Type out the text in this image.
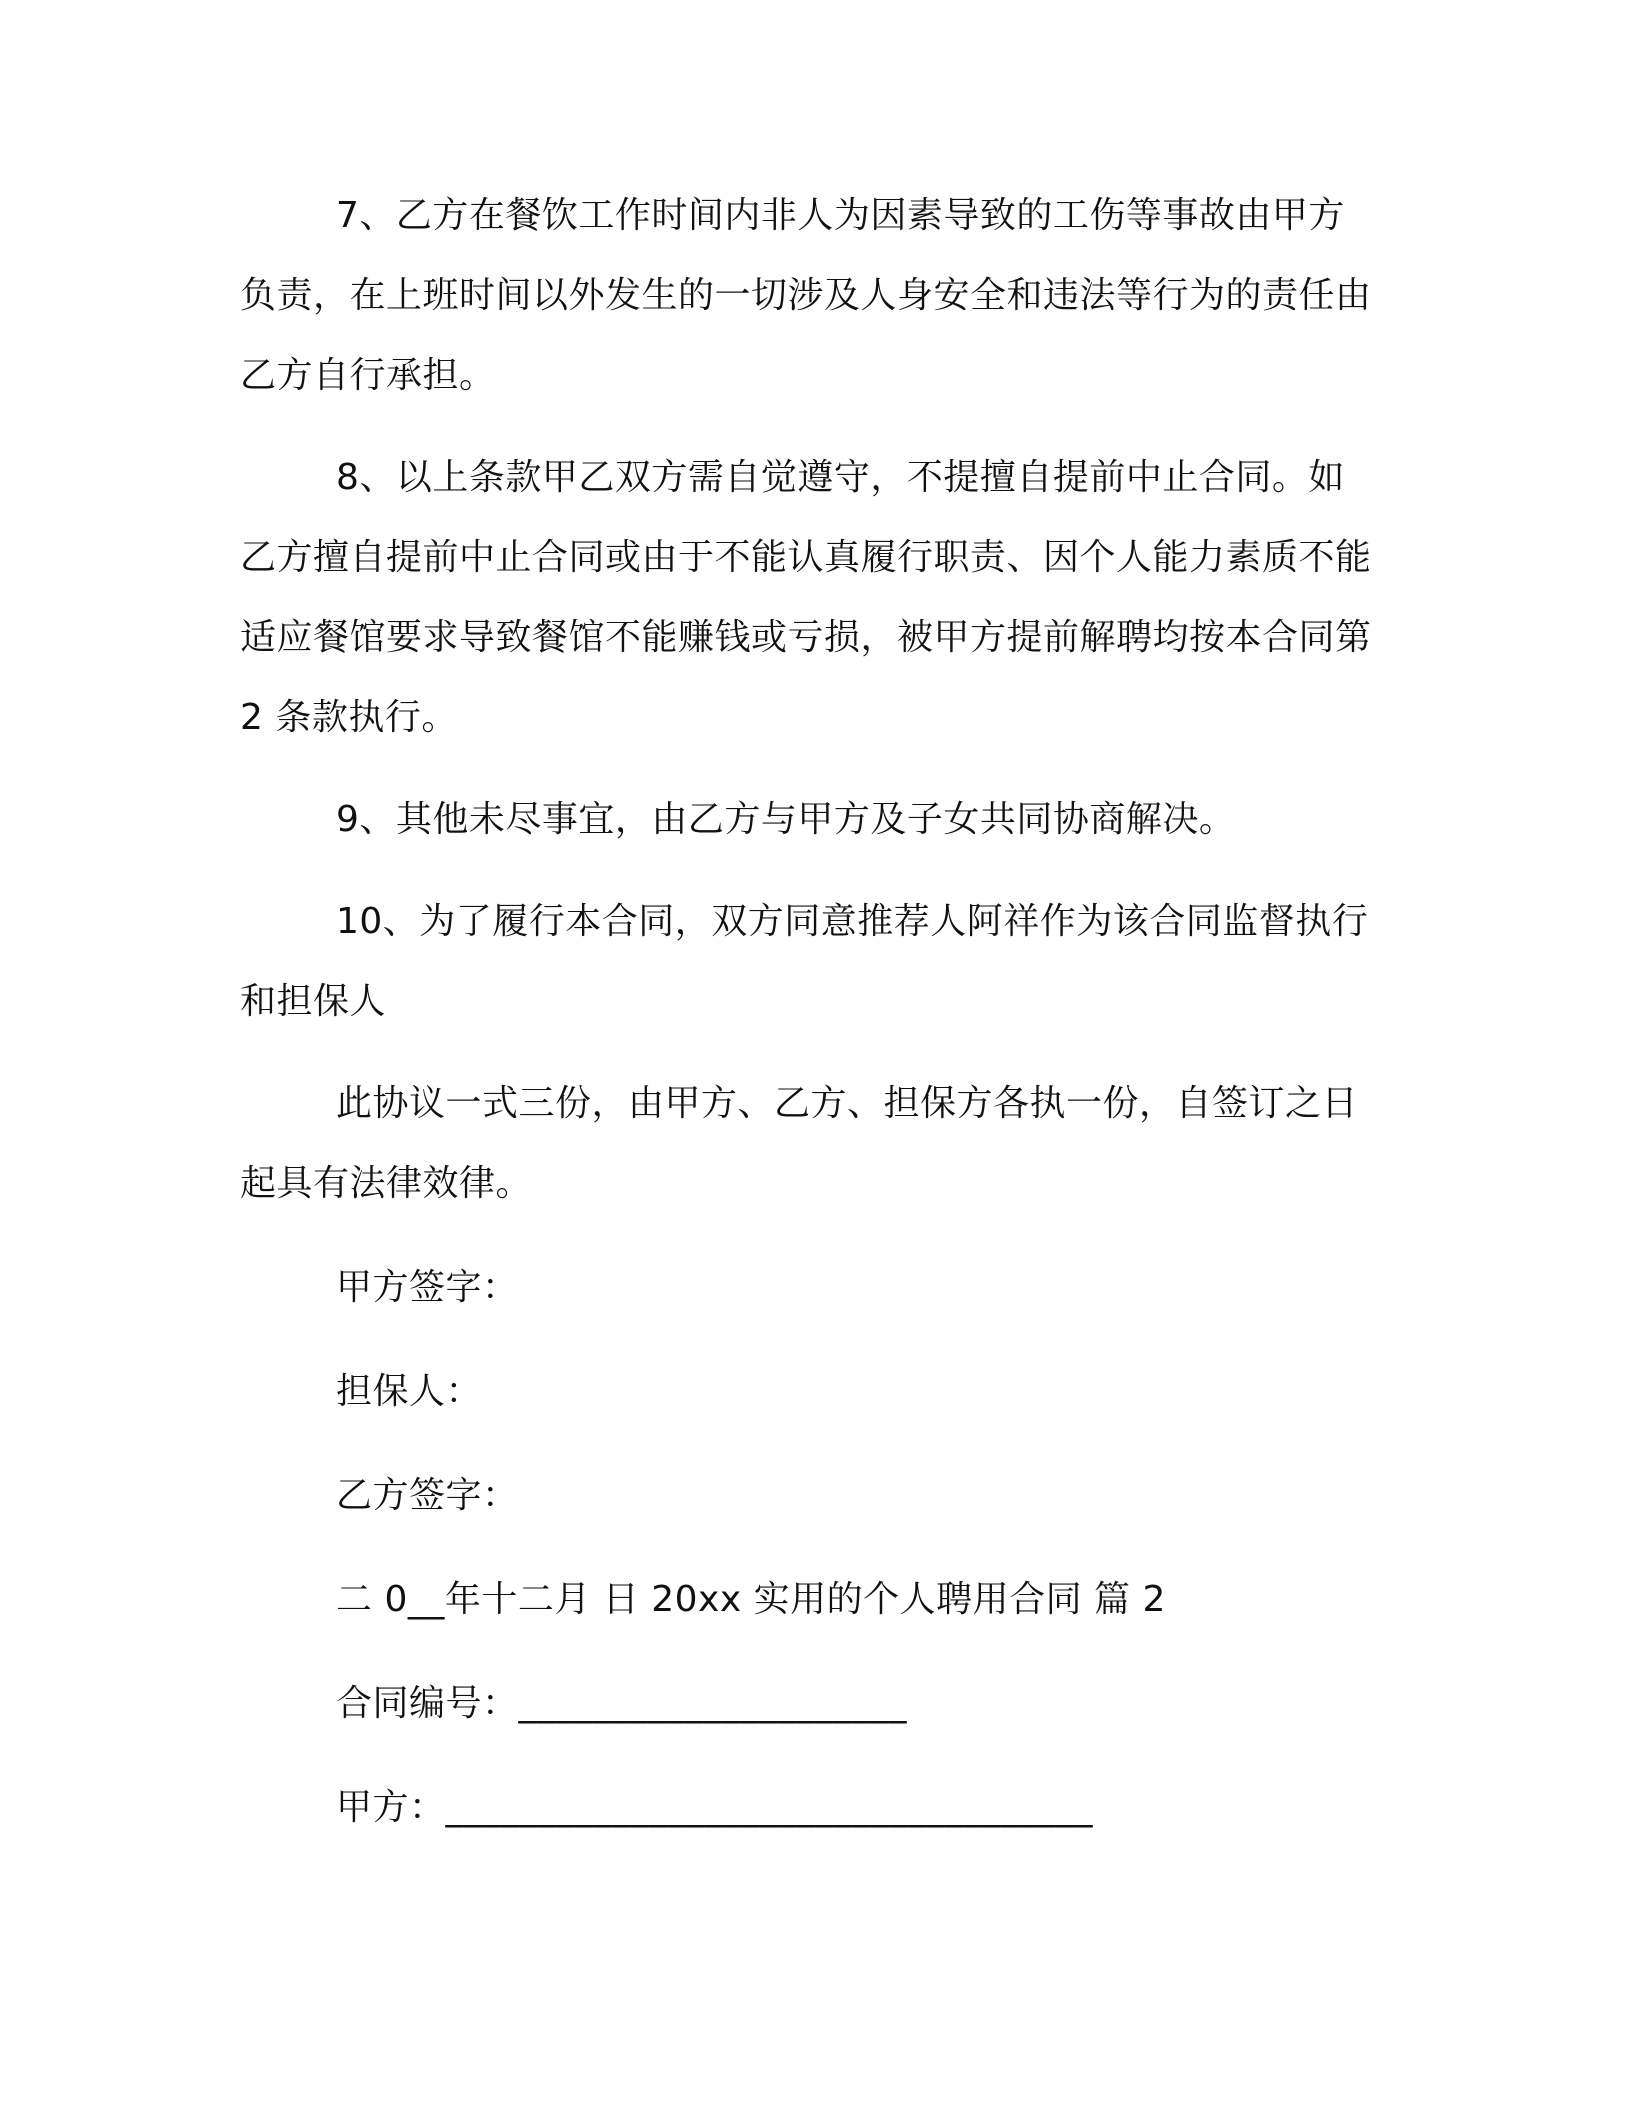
7、乙方在餐饮工作时间内非人为因素导致的工伤等事故由甲方负责，在上班时间以外发生的一切涉及人身安全和违法等行为的责任由乙方自行承担。

8、以上条款甲乙双方需自觉遵守，不提擅自提前中止合同。如乙方擅自提前中止合同或由于不能认真履行职责、因个人能力素质不能适应餐馆要求导致餐馆不能赚钱或亏损，被甲方提前解聘均按本合同第 2 条款执行。

9、其他未尽事宜，由乙方与甲方及子女共同协商解决。

10、为了履行本合同，双方同意推荐人阿祥作为该合同监督执行和担保人

此协议一式三份，由甲方、乙方、担保方各执一份，自签订之日起具有法律效律。

甲方签字：

担保人：

乙方签字：

二 0__年十二月 日 20xx 实用的个人聘用合同 篇 2

合同编号：_____________________

甲方：___________________________________
